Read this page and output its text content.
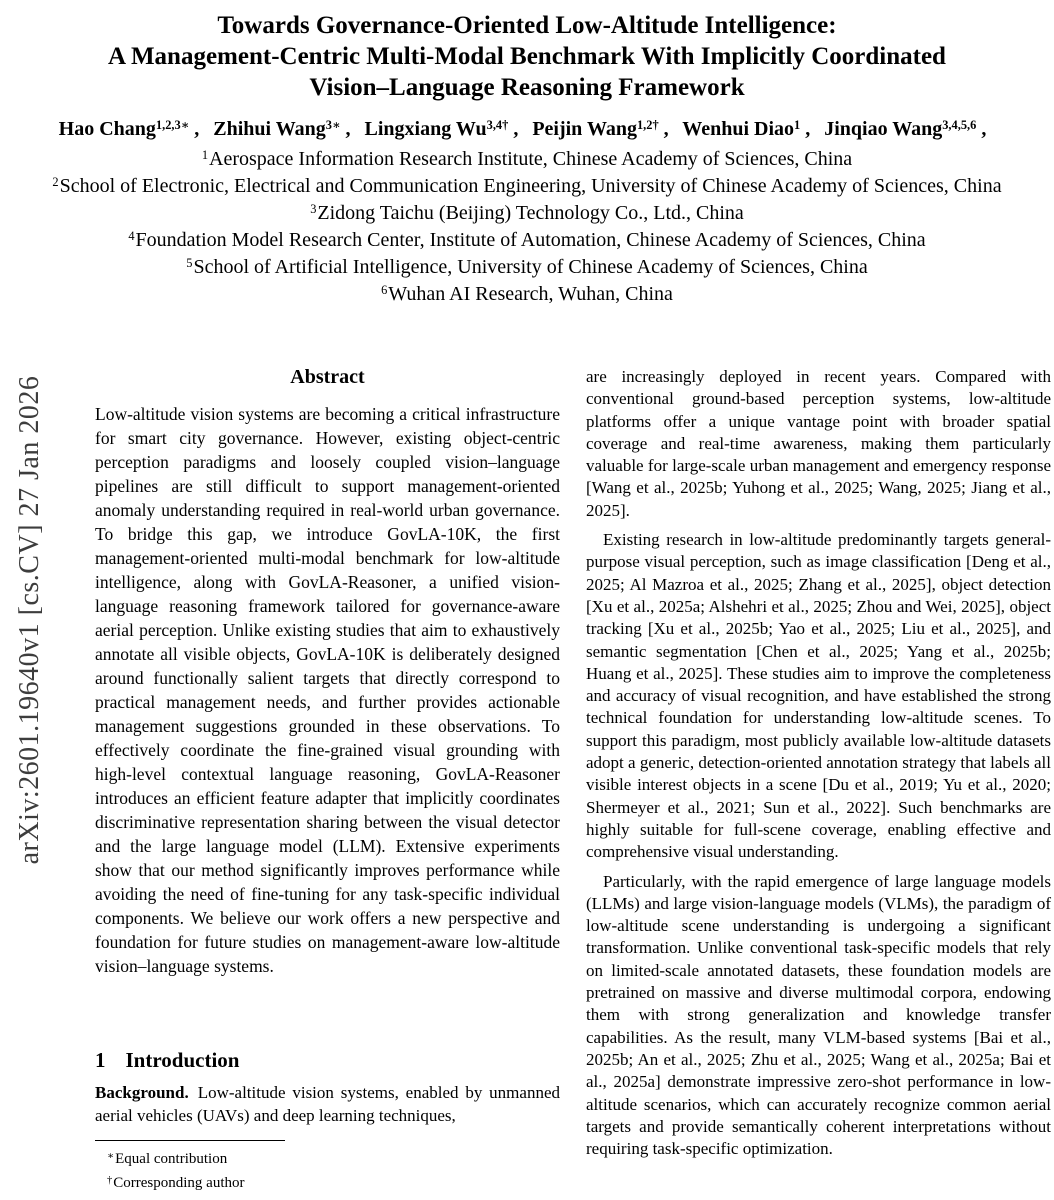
arXiv:2601.19640v1 [cs.CV] 27 Jan 2026
Towards Governance-Oriented Low-Altitude Intelligence:
A Management-Centric Multi-Modal Benchmark With Implicitly Coordinated
Vision–Language Reasoning Framework
Hao Chang$^{1,2,3∗}$ , Zhihui Wang$^{3∗}$ , Lingxiang $Wu^{3,4\dagger}$ , Peijin Wang$^{1,2\dagger}$ , Wenhui Diao$^1$ , Jinqiao Wang$^{3,4,5,6}$ ,
$^1$Aerospace Information Research Institute, Chinese Academy of Sciences, China
$^2$School of Electronic, Electrical and Communication Engineering, University of Chinese Academy of Sciences, China
$^3$Zidong Taichu (Beijing) Technology Co., Ltd., China
$^4$Foundation Model Research Center, Institute of Automation, Chinese Academy of Sciences, China
$^5$School of Artificial Intelligence, University of Chinese Academy of Sciences, China
$^6$Wuhan AI Research, Wuhan, China
Abstract

Low-altitude vision systems are becoming a critical infrastructure for smart city governance. However, existing object-centric perception paradigms and loosely coupled vision–language pipelines are still difficult to support management-oriented anomaly understanding required in real-world urban governance. To bridge this gap, we introduce GovLA-10K, the first management-oriented multi-modal benchmark for low-altitude intelligence, along with GovLA-Reasoner, a unified vision-language reasoning framework tailored for governance-aware aerial perception. Unlike existing studies that aim to exhaustively annotate all visible objects, GovLA-10K is deliberately designed around functionally salient targets that directly correspond to practical management needs, and further provides actionable management suggestions grounded in these observations. To effectively coordinate the fine-grained visual grounding with high-level contextual language reasoning, GovLA-Reasoner introduces an efficient feature adapter that implicitly coordinates discriminative representation sharing between the visual detector and the large language model (LLM). Extensive experiments show that our method significantly improves performance while avoiding the need of fine-tuning for any task-specific individual components. We believe our work offers a new perspective and foundation for future studies on management-aware low-altitude vision–language systems.

1 Introduction

Background. Low-altitude vision systems, enabled by unmanned aerial vehicles (UAVs) and deep learning techniques,

∗Equal contribution
†Corresponding author

are increasingly deployed in recent years. Compared with conventional ground-based perception systems, low-altitude platforms offer a unique vantage point with broader spatial coverage and real-time awareness, making them particularly valuable for large-scale urban management and emergency response [Wang et al., 2025b; Yuhong et al., 2025; Wang, 2025; Jiang et al., 2025].

Existing research in low-altitude predominantly targets general-purpose visual perception, such as image classification [Deng et al., 2025; Al Mazroa et al., 2025; Zhang et al., 2025], object detection [Xu et al., 2025a; Alshehri et al., 2025; Zhou and Wei, 2025], object tracking [Xu et al., 2025b; Yao et al., 2025; Liu et al., 2025], and semantic segmentation [Chen et al., 2025; Yang et al., 2025b; Huang et al., 2025]. These studies aim to improve the completeness and accuracy of visual recognition, and have established the strong technical foundation for understanding low-altitude scenes. To support this paradigm, most publicly available low-altitude datasets adopt a generic, detection-oriented annotation strategy that labels all visible interest objects in a scene [Du et al., 2019; Yu et al., 2020; Shermeyer et al., 2021; Sun et al., 2022]. Such benchmarks are highly suitable for full-scene coverage, enabling effective and comprehensive visual understanding.

Particularly, with the rapid emergence of large language models (LLMs) and large vision-language models (VLMs), the paradigm of low-altitude scene understanding is undergoing a significant transformation. Unlike conventional task-specific models that rely on limited-scale annotated datasets, these foundation models are pretrained on massive and diverse multimodal corpora, endowing them with strong generalization and knowledge transfer capabilities. As the result, many VLM-based systems [Bai et al., 2025b; An et al., 2025; Zhu et al., 2025; Wang et al., 2025a; Bai et al., 2025a] demonstrate impressive zero-shot performance in low-altitude scenarios, which can accurately recognize common aerial targets and provide semantically coherent interpretations without requiring task-specific optimization.
